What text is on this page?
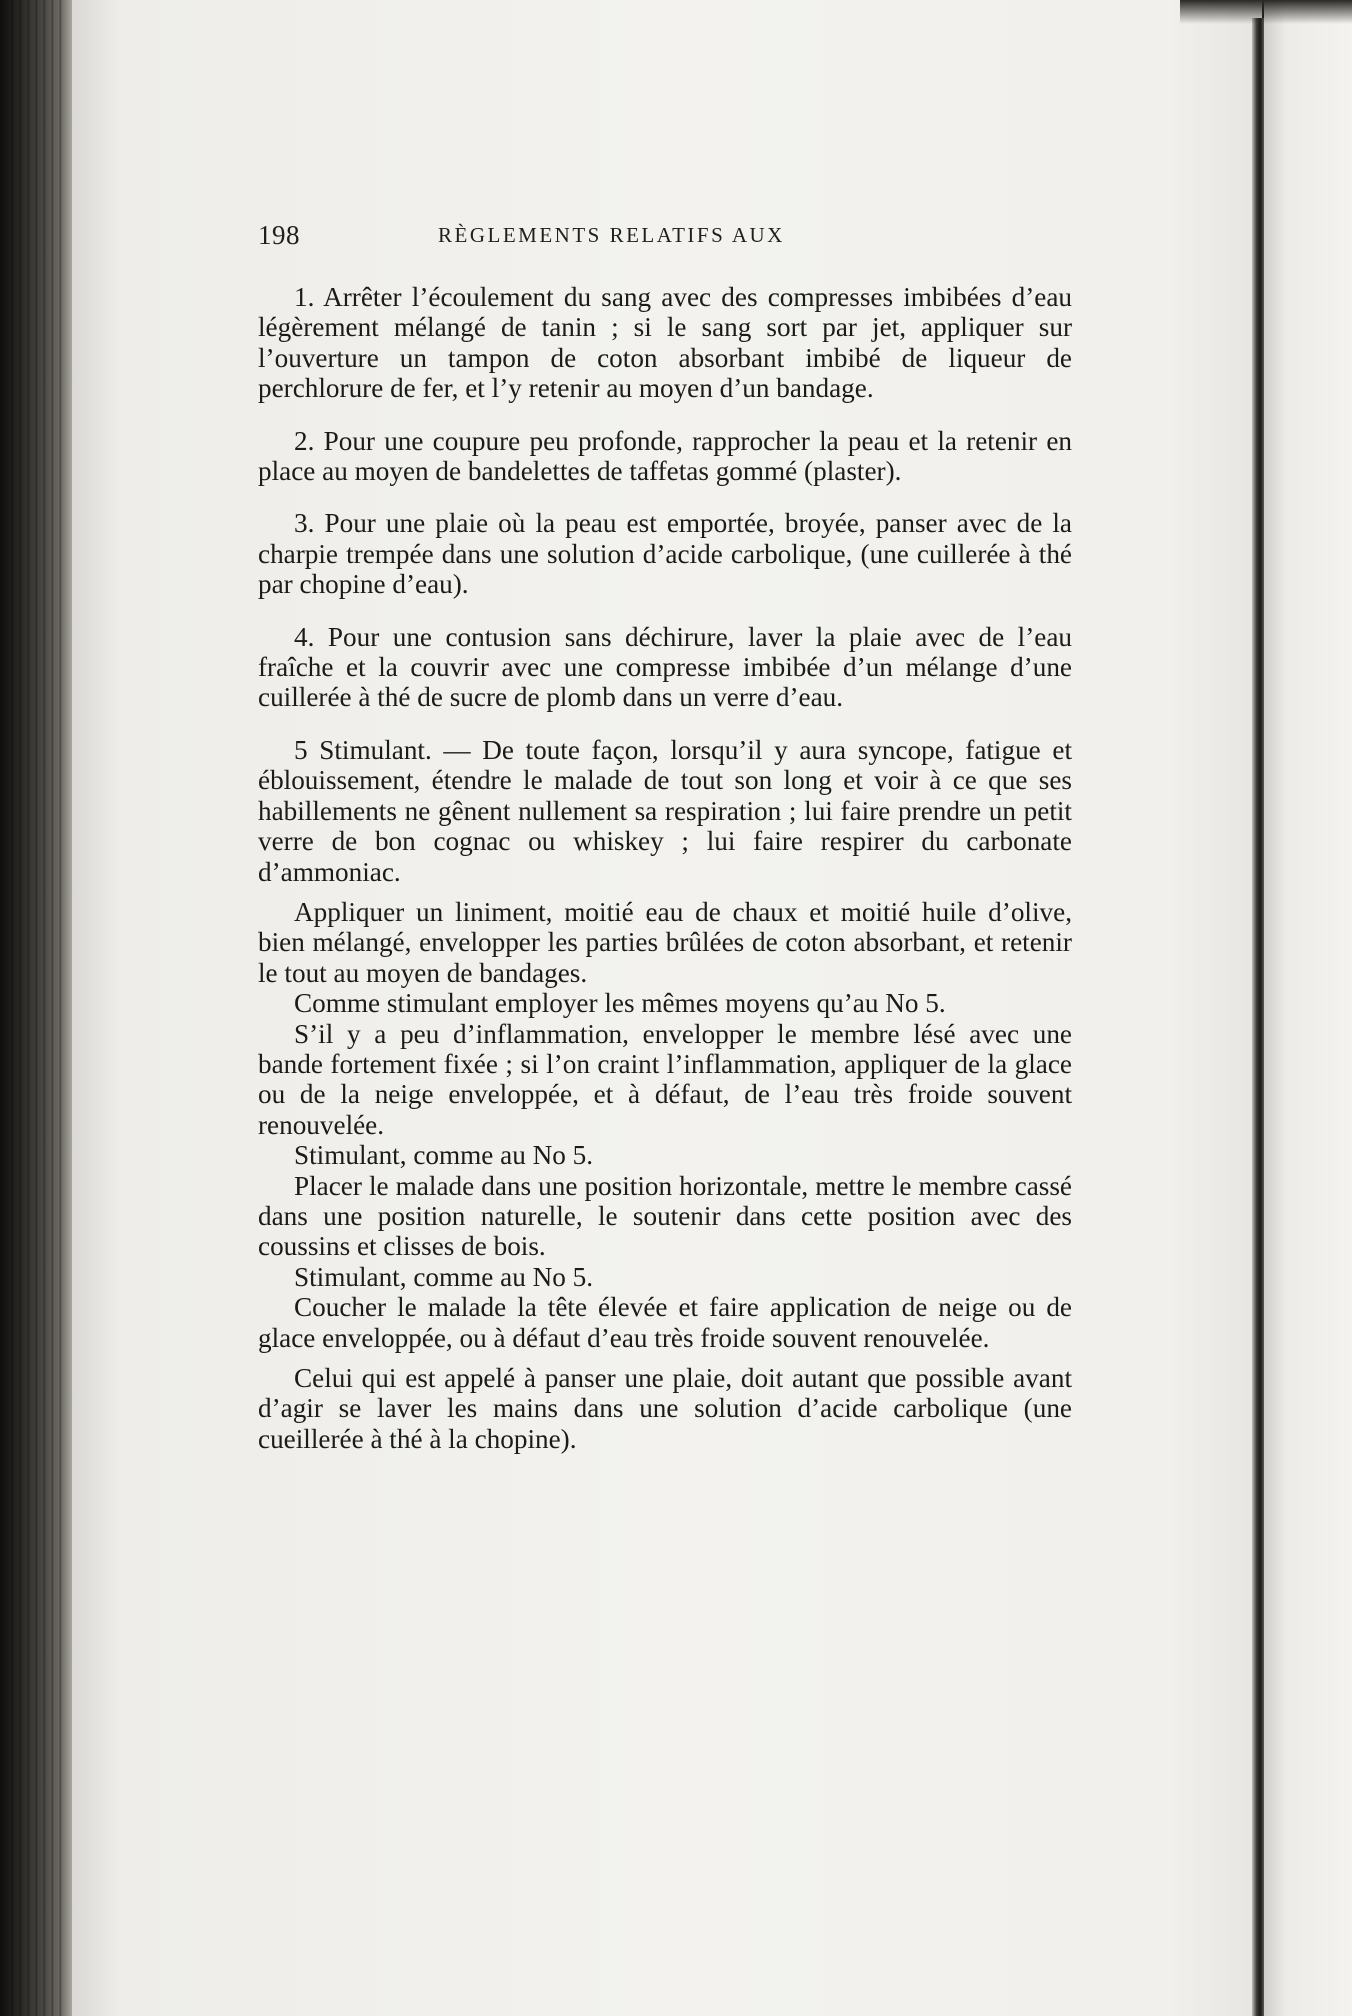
198	RÈGLEMENTS RELATIFS AUX

1. Arrêter l’écoulement du sang avec des compresses imbibées d’eau légèrement mélangé de tanin ; si le sang sort par jet, appliquer sur l’ouverture un tampon de coton absorbant imbibé de liqueur de perchlorure de fer, et l’y retenir au moyen d’un bandage.

2. Pour une coupure peu profonde, rapprocher la peau et la retenir en place au moyen de bandelettes de taffetas gommé (plaster).

3. Pour une plaie où la peau est emportée, broyée, panser avec de la charpie trempée dans une solution d’acide carbolique, (une cuillerée à thé par chopine d’eau).

4. Pour une contusion sans déchirure, laver la plaie avec de l’eau fraîche et la couvrir avec une compresse imbibée d’un mélange d’une cuillerée à thé de sucre de plomb dans un verre d’eau.

5 Stimulant. — De toute façon, lorsqu’il y aura syncope, fatigue et éblouissement, étendre le malade de tout son long et voir à ce que ses habillements ne gênent nullement sa respiration ; lui faire prendre un petit verre de bon cognac ou whiskey ; lui faire respirer du carbonate d’ammoniac.

Appliquer un liniment, moitié eau de chaux et moitié huile d’olive, bien mélangé, envelopper les parties brûlées de coton absorbant, et retenir le tout au moyen de bandages.

Comme stimulant employer les mêmes moyens qu’au No 5.

S’il y a peu d’inflammation, envelopper le membre lésé avec une bande fortement fixée ; si l’on craint l’inflammation, appliquer de la glace ou de la neige enveloppée, et à défaut, de l’eau très froide souvent renouvelée.

Stimulant, comme au No 5.

Placer le malade dans une position horizontale, mettre le membre cassé dans une position naturelle, le soutenir dans cette position avec des coussins et clisses de bois.

Stimulant, comme au No 5.

Coucher le malade la tête élevée et faire application de neige ou de glace enveloppée, ou à défaut d’eau très froide souvent renouvelée.

Celui qui est appelé à panser une plaie, doit autant que possible avant d’agir se laver les mains dans une solution d’acide carbolique (une cueillerée à thé à la chopine).
